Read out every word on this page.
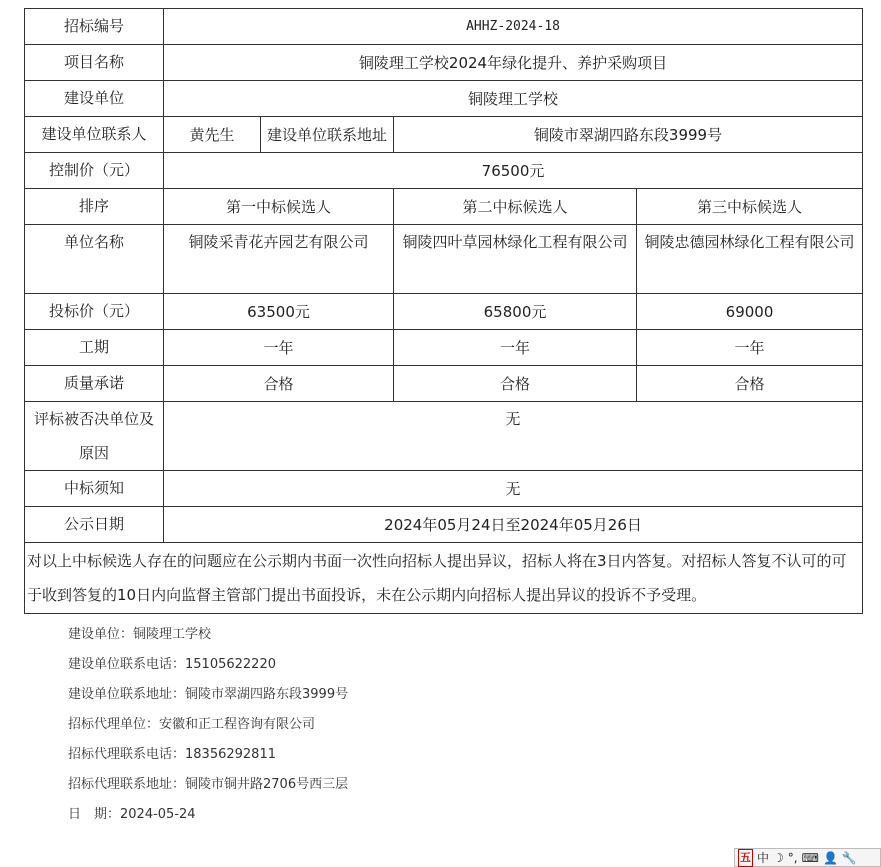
招标编号	AHHZ-2024-18			
项目名称	铜陵理工学校2024年绿化提升、养护采购项目			
建设单位	铜陵理工学校			
建设单位联系人	黄先生	建设单位联系地址	铜陵市翠湖四路东段3999号	
控制价（元）	76500元			
排序	第一中标候选人		第二中标候选人	第三中标候选人
单位名称	铜陵采青花卉园艺有限公司		铜陵四叶草园林绿化工程有限公司	铜陵忠德园林绿化工程有限公司
投标价（元）	63500元		65800元	69000
工期	一年		一年	一年
质量承诺	合格		合格	合格
评标被否决单位及原因	无			
中标须知	无			
公示日期	2024年05月24日至2024年05月26日			
对以上中标候选人存在的问题应在公示期内书面一次性向招标人提出异议，招标人将在3日内答复。对招标人答复不认可的可于收到答复的10日内向监督主管部门提出书面投诉，未在公示期内向招标人提出异议的投诉不予受理。				
建设单位：铜陵理工学校
建设单位联系电话：15105622220
建设单位联系地址：铜陵市翠湖四路东段3999号
招标代理单位：安徽和正工程咨询有限公司
招标代理联系电话：18356292811
招标代理联系地址：铜陵市铜井路2706号西三层
日　期：2024-05-24
五 中 ☽ °, ⌨ 👤 🔧
